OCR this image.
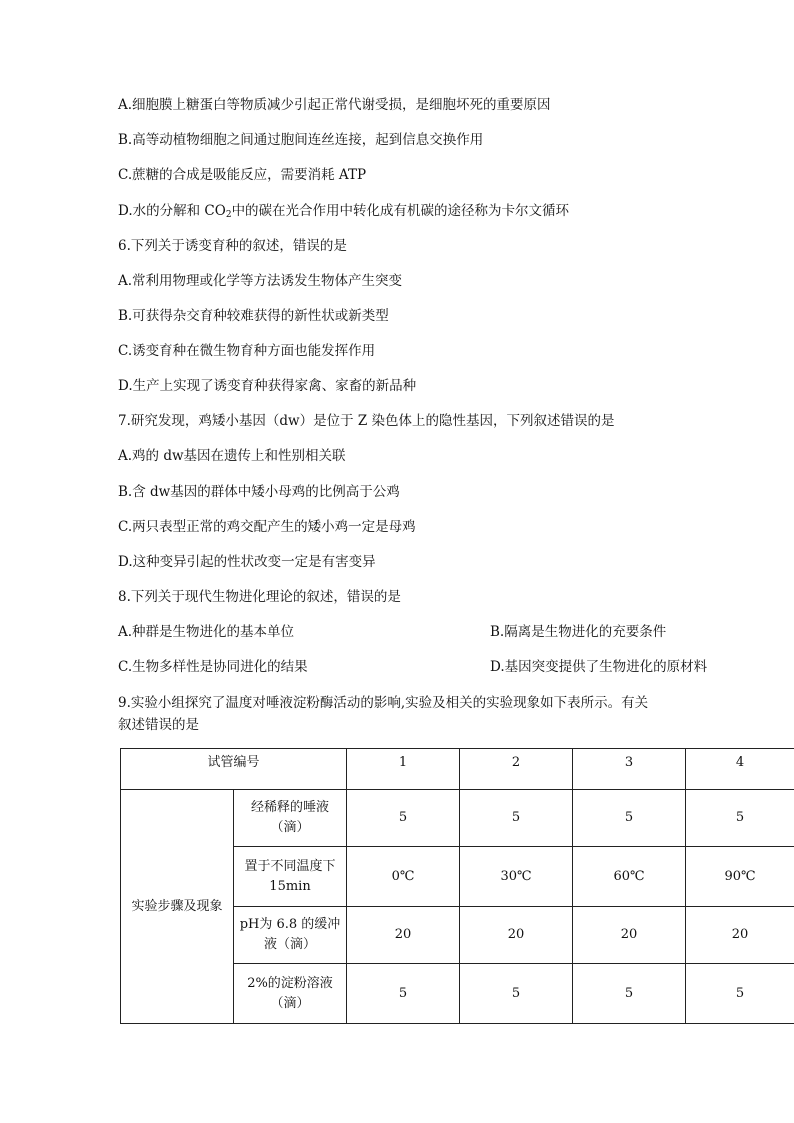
A.细胞膜上糖蛋白等物质减少引起正常代谢受损，是细胞坏死的重要原因
B.高等动植物细胞之间通过胞间连丝连接，起到信息交换作用
C.蔗糖的合成是吸能反应，需要消耗 ATP
D.水的分解和 $CO_2$中的碳在光合作用中转化成有机碳的途径称为卡尔文循环
6.下列关于诱变育种的叙述，错误的是
A.常利用物理或化学等方法诱发生物体产生突变
B.可获得杂交育种较难获得的新性状或新类型
C.诱变育种在微生物育种方面也能发挥作用
D.生产上实现了诱变育种获得家禽、家畜的新品种
7.研究发现，鸡矮小基因（dw）是位于 Z 染色体上的隐性基因，下列叙述错误的是
A.鸡的 dw基因在遗传上和性别相关联
B.含 dw基因的群体中矮小母鸡的比例高于公鸡
C.两只表型正常的鸡交配产生的矮小鸡一定是母鸡
D.这种变异引起的性状改变一定是有害变异
8.下列关于现代生物进化理论的叙述，错误的是
A.种群是生物进化的基本单位	B.隔离是生物进化的充要条件
C.生物多样性是协同进化的结果	D.基因突变提供了生物进化的原材料
9.实验小组探究了温度对唾液淀粉酶活动的影响,实验及相关的实验现象如下表所示。有关
叙述错误的是
试管编号		1	2	3	4
实验步骤及现象	经稀释的唾液（滴）	5	5	5	5
	置于不同温度下 15min	0℃	30℃	60℃	90℃
	pH为 6.8 的缓冲液（滴）	20	20	20	20
	2%的淀粉溶液（滴）	5	5	5	5
